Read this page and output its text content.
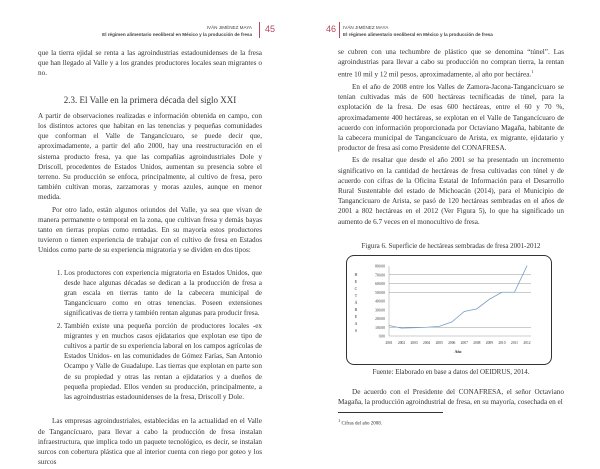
IVÁN JIMÉNEZ MAYA
El régimen alimentario neoliberal en México y la producción de fresa
45

que la tierra ejidal se renta a las agroindustrias estadounidenses de la fresa que han llegado al Valle y a los grandes productores locales sean migrantes o no.

2.3. El Valle en la primera década del siglo XXI

A partir de observaciones realizadas e información obtenida en campo, con los distintos actores que habitan en las tenencias y pequeñas comunidades que conforman el Valle de Tangancícuaro, se puede decir que, aproximadamente, a partir del año 2000, hay una reestructuración en el sistema producto fresa, ya que las compañías agroindustriales Dole y Driscoll, procedentes de Estados Unidos, aumentan su presencia sobre el terreno. Su producción se enfoca, principalmente, al cultivo de fresa, pero también cultivan moras, zarzamoras y moras azules, aunque en menor medida.

Por otro lado, están algunos oriundos del Valle, ya sea que vivan de manera permanente o temporal en la zona, que cultivan fresa y demás bayas tanto en tierras propias como rentadas. En su mayoría estos productores tuvieron o tienen experiencia de trabajar con el cultivo de fresa en Estados Unidos como parte de su experiencia migratoria y se dividen en dos tipos:

1. Los productores con experiencia migratoria en Estados Unidos, que desde hace algunas décadas se dedican a la producción de fresa a gran escala en tierras tanto de la cabecera municipal de Tangancícuaro como en otras tenencias. Poseen extensiones significativas de tierra y también rentan algunas para producir fresa.
2. También existe una pequeña porción de productores locales -ex migrantes y en muchos casos ejidatarios que explotan ese tipo de cultivos a partir de su experiencia laboral en los campos agrícolas de Estados Unidos- en las comunidades de Gómez Farías, San Antonio Ocampo y Valle de Guadalupe. Las tierras que explotan en parte son de su propiedad y otras las rentan a ejidatarios y a dueños de pequeña propiedad. Ellos venden su producción, principalmente, a las agroindustrias estadounidenses de la fresa, Driscoll y Dole.

Las empresas agroindustriales, establecidas en la actualidad en el Valle de Tangancícuaro, para llevar a cabo la producción de fresa instalan infraestructura, que implica todo un paquete tecnológico, es decir, se instalan surcos con cobertura plástica que al interior cuenta con riego por goteo y los surcos

46 IVÁN JIMÉNEZ MAYA
El régimen alimentario neoliberal en México y la producción de fresa

se cubren con una techumbre de plástico que se denomina “túnel”. Las agroindustrias para llevar a cabo su producción no compran tierra, la rentan entre 10 mil y 12 mil pesos, aproximadamente, al año por hectárea.$^1$

En el año de 2008 entre los Valles de Zamora-Jacona-Tangancícuaro se tenían cultivadas más de 600 hectáreas tecnificadas de túnel, para la explotación de la fresa. De esas 600 hectáreas, entre el 60 y 70 %, aproximadamente 400 hectáreas, se explotan en el Valle de Tangancícuaro de acuerdo con información proporcionada por Octaviano Magaña, habitante de la cabecera municipal de Tangancícuaro de Arista, ex migrante, ejidatario y productor de fresa así como Presidente del CONAFRESA.

Es de resaltar que desde el año 2001 se ha presentado un incremento significativo en la cantidad de hectáreas de fresa cultivadas con túnel y de acuerdo con cifras de la Oficina Estatal de Información para el Desarrollo Rural Sustentable del estado de Michoacán (2014), para el Municipio de Tangancícuaro de Arista, se pasó de 120 hectáreas sembradas en el años de 2001 a 802 hectáreas en el 2012 (Ver Figura 5), lo que ha significado un aumento de 6.7 veces en el monocultivo de fresa.

Figura 6. Superficie de hectáreas sembradas de fresa 2001-2012
0.00
100.00
200.00
300.00
400.00
500.00
600.00
700.00
800.00
2001 2002 2003 2004 2005 2006 2007 2008 2009 2010 2011 2012
Año
H
E
C
T
Á
R
E
A
S
Fuente: Elaborado en base a datos del OEIDRUS, 2014.

De acuerdo con el Presidente del CONAFRESA, el señor Octaviano Magaña, la producción agroindustrial de fresa, en su mayoría, cosechada en el

$^1$ Cifras del año 2008.
